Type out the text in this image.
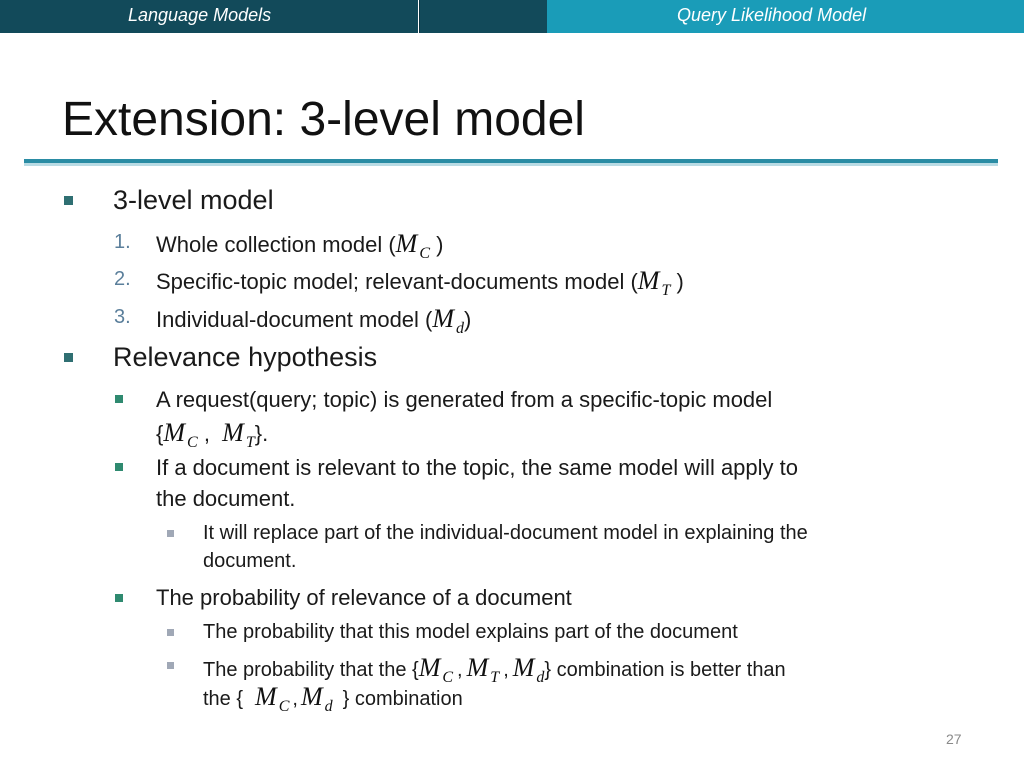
Language Models	Query Likelihood Model
Extension: 3-level model
3-level model
1. Whole collection model (M $_C$ )
2. Specific-topic model; relevant-documents model (M $_T$ )
3. Individual-document model (M $_d$)
Relevance hypothesis
A request(query; topic) is generated from a specific-topic model
{M $_C$ ,  M $_T$}.
If a document is relevant to the topic, the same model will apply to
the document.
It will replace part of the individual-document model in explaining the
document.
The probability of relevance of a document
The probability that this model explains part of the document
The probability that the {M $_C$ , M $_T$ , M $_d$} combination is better than
the { M $_C$ , M $_d$ } combination
27
